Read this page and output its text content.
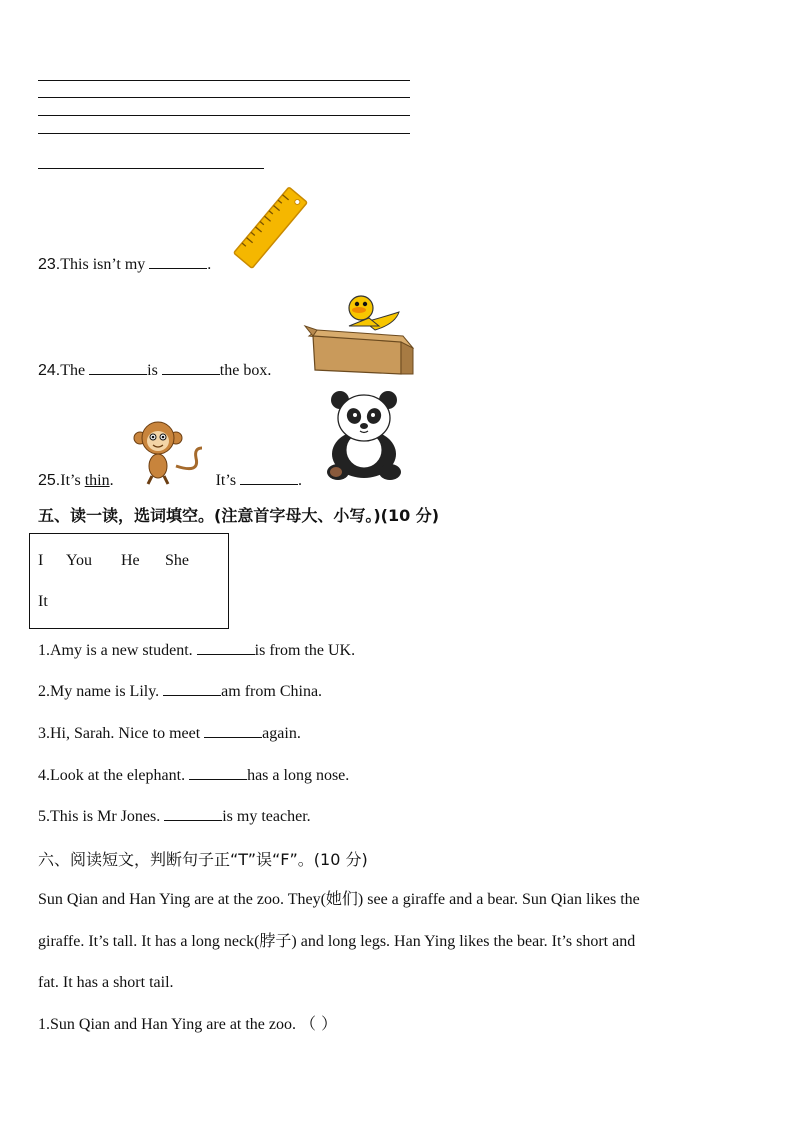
23.This isn’t my	.
24.The	is	the box.
25.It’s thin.	It’s	.
五、读一读，选词填空。(注意首字母大、小写。)(10 分)
I You He She
It
1.Amy is a new student.	is from the UK.
2.My name is Lily.	am from China.
3.Hi, Sarah. Nice to meet	again.
4.Look at the elephant.	has a long nose.
5.This is Mr Jones.	is my teacher.
六、阅读短文，判断句子正“T”误“F”。(10 分)
Sun Qian and Han Ying are at the zoo. They(她们) see a giraffe and a bear. Sun Qian likes the
giraffe. It’s tall. It has a long neck(脖子) and long legs. Han Ying likes the bear. It’s short and
fat. It has a short tail.
1.Sun Qian and Han Ying are at the zoo. （ ）
